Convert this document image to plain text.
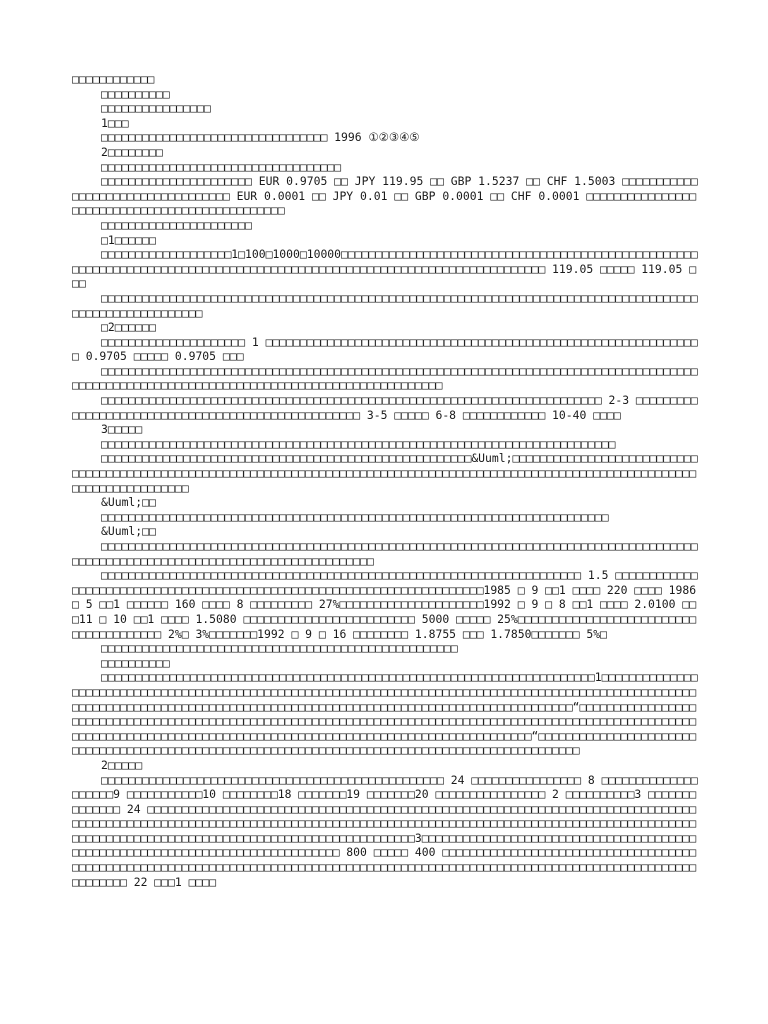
□□□□□□□□□□□□

□□□□□□□□□□

□□□□□□□□□□□□□□□□

1□□□

□□□□□□□□□□□□□□□□□□□□□□□□□□□□□□□□□ 1996 ①②③④⑤

2□□□□□□□□

□□□□□□□□□□□□□□□□□□□□□□□□□□□□□□□□□□□

□□□□□□□□□□□□□□□□□□□□□□ EUR 0.9705 □□ JPY 119.95 □□ GBP 1.5237 □□ CHF 1.5003 □□□□□□□□□□□□□□□□□□□□□□□□□□□□□□□□□□ EUR 0.0001 □□ JPY 0.01 □□ GBP 0.0001 □□ CHF 0.0001 □□□□□□□□□□□□□□□□□□□□□□□□□□□□□□□□□□□□□□□□□□□□□□□

□□□□□□□□□□□□□□□□□□□□□□

□1□□□□□□

□□□□□□□□□□□□□□□□□□□1□100□1000□10000□□□□□□□□□□□□□□□□□□□□□□□□□□□□□□□□□□□□□□□□□□□□□□□□□□□□□□□□□□□□□□□□□□□□□□□□□□□□□□□□□□□□□□□□□□□□□□□□□□□□□□□□□□□□□□□□□□□□□□□□□ 119.05 □□□□□ 119.05 □□□

□□□□□□□□□□□□□□□□□□□□□□□□□□□□□□□□□□□□□□□□□□□□□□□□□□□□□□□□□□□□□□□□□□□□□□□□□□□□□□□□□□□□□□□□□□□□□□□□□□□□□□□□□□

□2□□□□□□

□□□□□□□□□□□□□□□□□□□□□ 1 □□□□□□□□□□□□□□□□□□□□□□□□□□□□□□□□□□□□□□□□□□□□□□□□□□□□□□□□□□□□□□□□ 0.9705 □□□□□ 0.9705 □□□

□□□□□□□□□□□□□□□□□□□□□□□□□□□□□□□□□□□□□□□□□□□□□□□□□□□□□□□□□□□□□□□□□□□□□□□□□□□□□□□□□□□□□□□□□□□□□□□□□□□□□□□□□□□□□□□□□□□□□□□□□□□□□□□□□□□□□□□□□□□□□

□□□□□□□□□□□□□□□□□□□□□□□□□□□□□□□□□□□□□□□□□□□□□□□□□□□□□□□□□□□□□□□□□□□□□□□□□ 2-3 □□□□□□□□□□□□□□□□□□□□□□□□□□□□□□□□□□□□□□□□□□□□□□□□□□□ 3-5 □□□□□ 6-8 □□□□□□□□□□□□ 10-40 □□□□

3□□□□□

□□□□□□□□□□□□□□□□□□□□□□□□□□□□□□□□□□□□□□□□□□□□□□□□□□□□□□□□□□□□□□□□□□□□□□□□□□□

□□□□□□□□□□□□□□□□□□□□□□□□□□□□□□□□□□□□□□□□□□□□□□□□□□□□□□&Uuml;□□□□□□□□□□□□□□□□□□□□□□□□□□□□□□□□□□□□□□□□□□□□□□□□□□□□□□□□□□□□□□□□□□□□□□□□□□□□□□□□□□□□□□□□□□□□□□□□□□□□□□□□□□□□□□□□□□□□□□□□□□□□□□□□□□□□□□□

&Uuml;□□

□□□□□□□□□□□□□□□□□□□□□□□□□□□□□□□□□□□□□□□□□□□□□□□□□□□□□□□□□□□□□□□□□□□□□□□□□□

&Uuml;□□

□□□□□□□□□□□□□□□□□□□□□□□□□□□□□□□□□□□□□□□□□□□□□□□□□□□□□□□□□□□□□□□□□□□□□□□□□□□□□□□□□□□□□□□□□□□□□□□□□□□□□□□□□□□□□□□□□□□□□□□□□□□□□□□□□□□

□□□□□□□□□□□□□□□□□□□□□□□□□□□□□□□□□□□□□□□□□□□□□□□□□□□□□□□□□□□□□□□□□□□□□□ 1.5 □□□□□□□□□□□□□□□□□□□□□□□□□□□□□□□□□□□□□□□□□□□□□□□□□□□□□□□□□□□□□□□□□□□□□□□□1985 □ 9 □□1 □□□□ 220 □□□□ 1986 □ 5 □□1 □□□□□□ 160 □□□□ 8 □□□□□□□□□ 27%□□□□□□□□□□□□□□□□□□□□□1992 □ 9 □ 8 □□1 □□□□ 2.0100 □□□11 □ 10 □□1 □□□□ 1.5080 □□□□□□□□□□□□□□□□□□□□□□□□□ 5000 □□□□□ 25%□□□□□□□□□□□□□□□□□□□□□□□□□□□□□□□□□□□□□□□ 2%□ 3%□□□□□□□1992 □ 9 □ 16 □□□□□□□□ 1.8755 □□□ 1.7850□□□□□□□ 5%□

□□□□□□□□□□□□□□□□□□□□□□□□□□□□□□□□□□□□□□□□□□□□□□□□□□□□

□□□□□□□□□□

□□□□□□□□□□□□□□□□□□□□□□□□□□□□□□□□□□□□□□□□□□□□□□□□□□□□□□□□□□□□□□□□□□□□□□□□1□□□□□□□□□□□□□□□□□□□□□□□□□□□□□□□□□□□□□□□□□□□□□□□□□□□□□□□□□□□□□□□□□□□□□□□□□□□□□□□□□□□□□□□□□□□□□□□□□□□□□□□□□□□□□□□□□□□□□□□□□□□□□□□□□□□□□□□□□□□□□□□□□□□□□□□□□□□□□□□□□□□□□□□□□□□□□□□□□□“□□□□□□□□□□□□□□□□□□□□□□□□□□□□□□□□□□□□□□□□□□□□□□□□□□□□□□□□□□□□□□□□□□□□□□□□□□□□□□□□□□□□□□□□□□□□□□□□□□□□□□□□□□□□□□□□□□□□□□□□□□□□□□□□□□□□□□□□□□□□□□□□□□□□□□□□□□□□□□□□□□□□□□□□□□□□□□□“□□□□□□□□□□□□□□□□□□□□□□□□□□□□□□□□□□□□□□□□□□□□□□□□□□□□□□□□□□□□□□□□□□□□□□□□□□□□□□□□□□□□□□□□□□□□□□□□□

2□□□□□

□□□□□□□□□□□□□□□□□□□□□□□□□□□□□□□□□□□□□□□□□□□□□□□□□□ 24 □□□□□□□□□□□□□□□□ 8 □□□□□□□□□□□□□□□□□□□□9 □□□□□□□□□□□10 □□□□□□□□18 □□□□□□□19 □□□□□□□20 □□□□□□□□□□□□□□□□ 2 □□□□□□□□□□3 □□□□□□□□□□□□□□ 24 □□□□□□□□□□□□□□□□□□□□□□□□□□□□□□□□□□□□□□□□□□□□□□□□□□□□□□□□□□□□□□□□□□□□□□□□□□□□□□□□□□□□□□□□□□□□□□□□□□□□□□□□□□□□□□□□□□□□□□□□□□□□□□□□□□□□□□□□□□□□□□□□□□□□□□□□□□□□□□□□□□□□□□□□□□□□□□□□□□□□□□□□□□□□□□□□□□□□□□□□□□□□□□□□□□□□□□□□□□□□□3□□□□□□□□□□□□□□□□□□□□□□□□□□□□□□□□□□□□□□□□□□□□□□□□□□□□□□□□□□□□□□□□□□□□□□□□□□□□□□□ 800 □□□□□ 400 □□□□□□□□□□□□□□□□□□□□□□□□□□□□□□□□□□□□□□□□□□□□□□□□□□□□□□□□□□□□□□□□□□□□□□□□□□□□□□□□□□□□□□□□□□□□□□□□□□□□□□□□□□□□□□□□□□□□□□□□□□□□□□□□□□□□□□□□ 22 □□□1 □□□□
